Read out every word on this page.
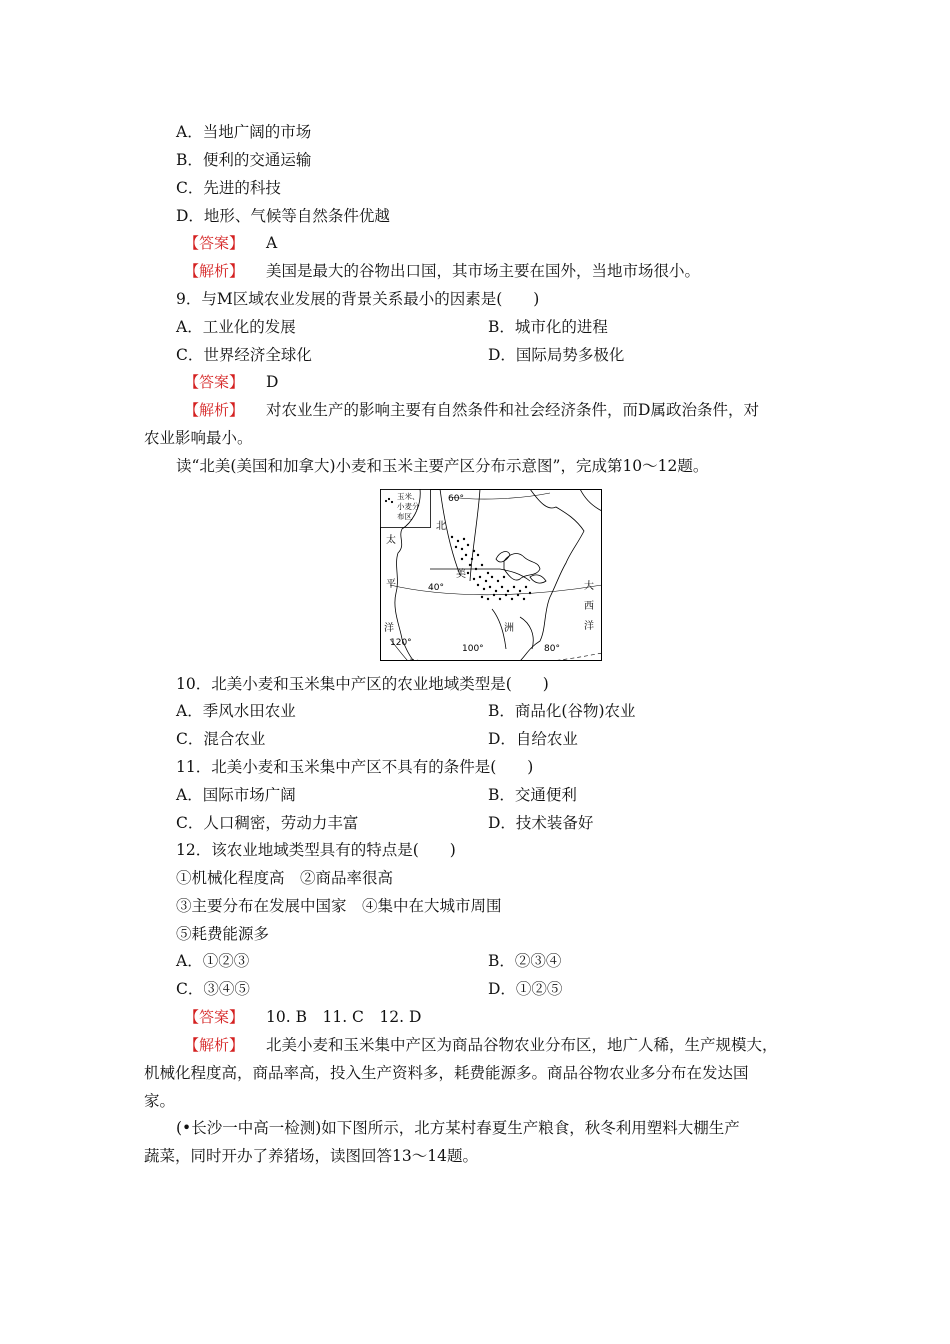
A．当地广阔的市场
B．便利的交通运输
C．先进的科技
D．地形、气候等自然条件优越
【答案】 A
【解析】 美国是最大的谷物出口国，其市场主要在国外，当地市场很小。
9．与M区域农业发展的背景关系最小的因素是(　　)
A．工业化的发展	B．城市化的进程
C．世界经济全球化	D．国际局势多极化
【答案】 D
【解析】 对农业生产的影响主要有自然条件和社会经济条件，而D属政治条件，对
农业影响最小。
读“北美(美国和加拿大)小麦和玉米主要产区分布示意图”，完成第10～12题。
玉米、
小麦分
布区
60°
40°
120°
100°	80°
北
美
洲
太
平
洋
大
西
洋
10．北美小麦和玉米集中产区的农业地域类型是(　　)
A．季风水田农业	B．商品化(谷物)农业
C．混合农业	D．自给农业
11．北美小麦和玉米集中产区不具有的条件是(　　)
A．国际市场广阔	B．交通便利
C．人口稠密，劳动力丰富	D．技术装备好
12．该农业地域类型具有的特点是(　　)
①机械化程度高　②商品率很高
③主要分布在发展中国家　④集中在大城市周围
⑤耗费能源多
A．①②③	B．②③④
C．③④⑤	D．①②⑤
【答案】 10. B　11. C　12. D
【解析】 北美小麦和玉米集中产区为商品谷物农业分布区，地广人稀，生产规模大，
机械化程度高，商品率高，投入生产资料多，耗费能源多。商品谷物农业多分布在发达国
家。
(•长沙一中高一检测)如下图所示，北方某村春夏生产粮食，秋冬利用塑料大棚生产
蔬菜，同时开办了养猪场，读图回答13～14题。
